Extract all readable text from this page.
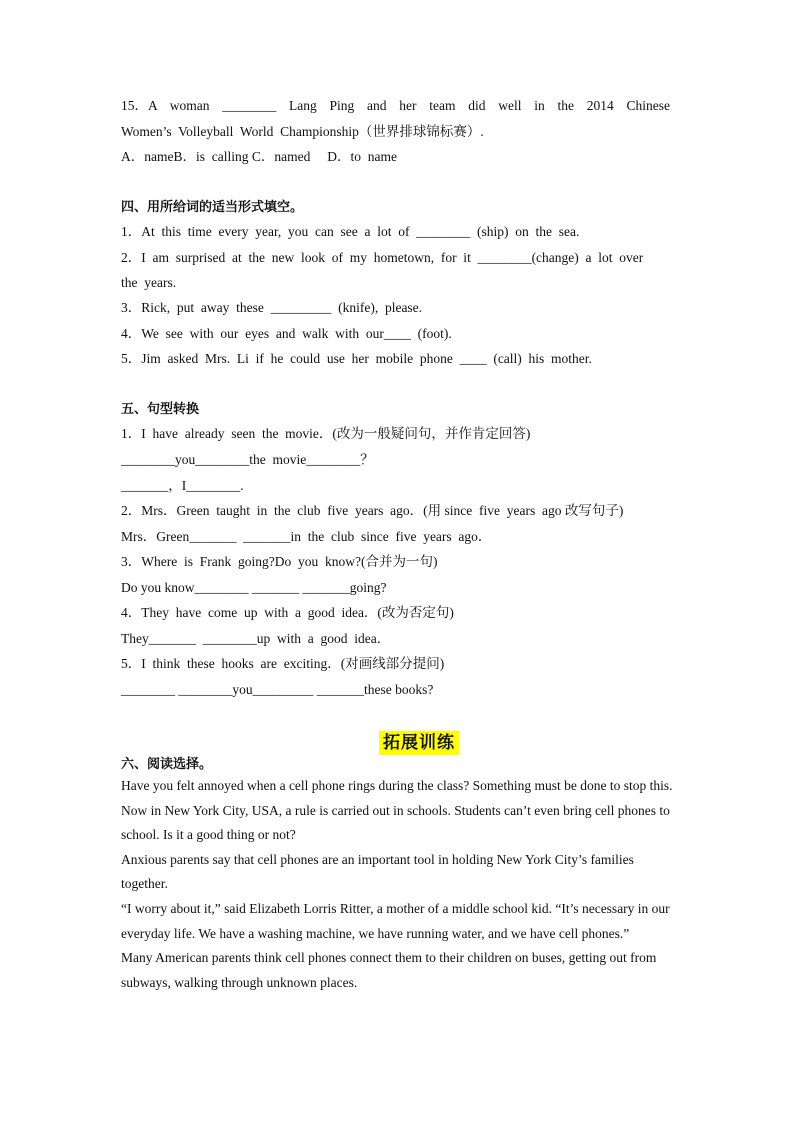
15．A  woman  ________  Lang  Ping  and  her  team  did  well  in  the  2014  Chinese
Women’s  Volleyball  World  Championship（世界排球锦标赛）.
A．nameB．is  calling C．named     D．to  name
四、用所给词的适当形式填空。
1．At  this  time  every  year,  you  can  see  a  lot  of  ________  (ship)  on  the  sea.
2．I  am  surprised  at  the  new  look  of  my  hometown,  for  it  ________(change)  a  lot  over
the  years.
3．Rick,  put  away  these  _________  (knife),  please.
4．We  see  with  our  eyes  and  walk  with  our____  (foot).
5．Jim  asked  Mrs.  Li  if  he  could  use  her  mobile  phone  ____  (call)  his  mother.
五、句型转换
1．I  have  already  seen  the  movie．(改为一般疑问句，并作肯定回答)
________you________the  movie________？
_______，I________.
2．Mrs．Green  taught  in  the  club  five  years  ago．(用 since  five  years  ago 改写句子)
Mrs．Green_______  _______in  the  club  since  five  years  ago．
3．Where  is  Frank  going?Do  you  know?(合并为一句)
Do you know________ _______ _______going?
4．They  have  come  up  with  a  good  idea．(改为否定句)
They_______  ________up  with  a  good  idea．
5．I  think  these  hooks  are  exciting．(对画线部分提问)
________ ________you_________ _______these books?
拓展训练
六、阅读选择。

Have you felt annoyed when a cell phone rings during the class? Something must be done to stop this. Now in New York City, USA, a rule is carried out in schools. Students can’t even bring cell phones to school. Is it a good thing or not?

Anxious parents say that cell phones are an important tool in holding New York City’s families together.

“I worry about it,” said Elizabeth Lorris Ritter, a mother of a middle school kid. “It’s necessary in our everyday life. We have a washing machine, we have running water, and we have cell phones.”

Many American parents think cell phones connect them to their children on buses, getting out from subways, walking through unknown places.
